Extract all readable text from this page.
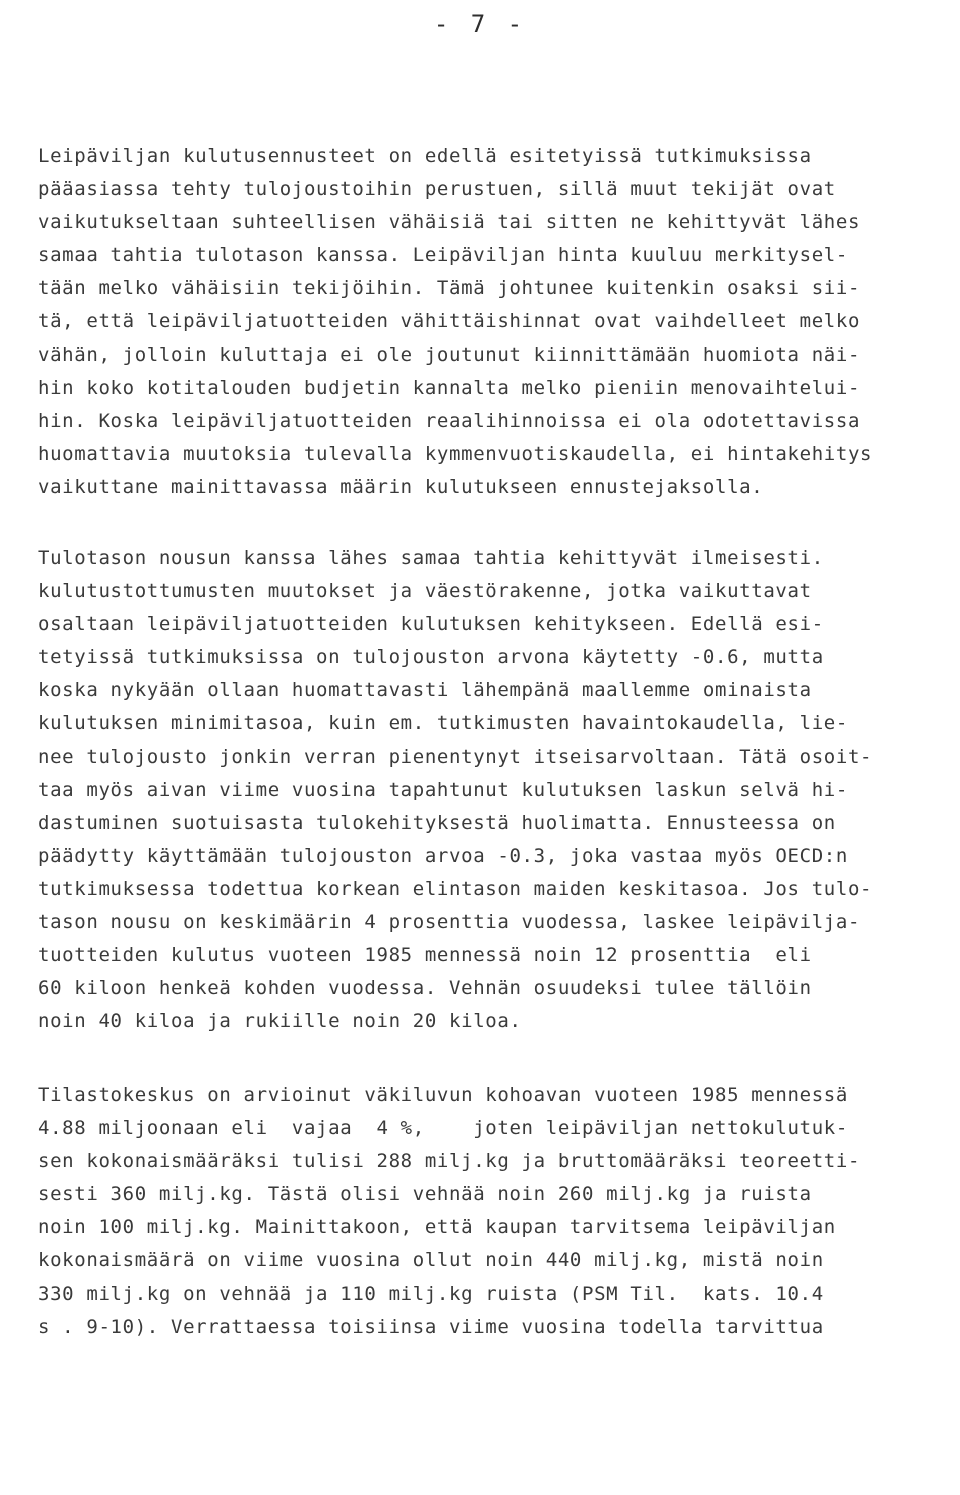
- 7 -
Leipäviljan kulutusennusteet on edellä esitetyissä tutkimuksissa
pääasiassa tehty tulojoustoihin perustuen, sillä muut tekijät ovat
vaikutukseltaan suhteellisen vähäisiä tai sitten ne kehittyvät lähes
samaa tahtia tulotason kanssa. Leipäviljan hinta kuuluu merkitysel-
tään melko vähäisiin tekijöihin. Tämä johtunee kuitenkin osaksi sii-
tä, että leipäviljatuotteiden vähittäishinnat ovat vaihdelleet melko
vähän, jolloin kuluttaja ei ole joutunut kiinnittämään huomiota näi-
hin koko kotitalouden budjetin kannalta melko pieniin menovaihtelui-
hin. Koska leipäviljatuotteiden reaalihinnoissa ei ola odotettavissa
huomattavia muutoksia tulevalla kymmenvuotiskaudella, ei hintakehitys
vaikuttane mainittavassa määrin kulutukseen ennustejaksolla.
Tulotason nousun kanssa lähes samaa tahtia kehittyvät ilmeisesti.
kulutustottumusten muutokset ja väestörakenne, jotka vaikuttavat
osaltaan leipäviljatuotteiden kulutuksen kehitykseen. Edellä esi-
tetyissä tutkimuksissa on tulojouston arvona käytetty -0.6, mutta
koska nykyään ollaan huomattavasti lähempänä maallemme ominaista
kulutuksen minimitasoa, kuin em. tutkimusten havaintokaudella, lie-
nee tulojousto jonkin verran pienentynyt itseisarvoltaan. Tätä osoit-
taa myös aivan viime vuosina tapahtunut kulutuksen laskun selvä hi-
dastuminen suotuisasta tulokehityksestä huolimatta. Ennusteessa on
päädytty käyttämään tulojouston arvoa -0.3, joka vastaa myös OECD:n
tutkimuksessa todettua korkean elintason maiden keskitasoa. Jos tulo-
tason nousu on keskimäärin 4 prosenttia vuodessa, laskee leipävilja-
tuotteiden kulutus vuoteen 1985 mennessä noin 12 prosenttia  eli
60 kiloon henkeä kohden vuodessa. Vehnän osuudeksi tulee tällöin
noin 40 kiloa ja rukiille noin 20 kiloa.
Tilastokeskus on arvioinut väkiluvun kohoavan vuoteen 1985 mennessä
4.88 miljoonaan eli  vajaa  4 %,    joten leipäviljan nettokulutuk-
sen kokonaismääräksi tulisi 288 milj.kg ja bruttomääräksi teoreetti-
sesti 360 milj.kg. Tästä olisi vehnää noin 260 milj.kg ja ruista
noin 100 milj.kg. Mainittakoon, että kaupan tarvitsema leipäviljan
kokonaismäärä on viime vuosina ollut noin 440 milj.kg, mistä noin
330 milj.kg on vehnää ja 110 milj.kg ruista (PSM Til.  kats. 10.4
s . 9-10). Verrattaessa toisiinsa viime vuosina todella tarvittua
